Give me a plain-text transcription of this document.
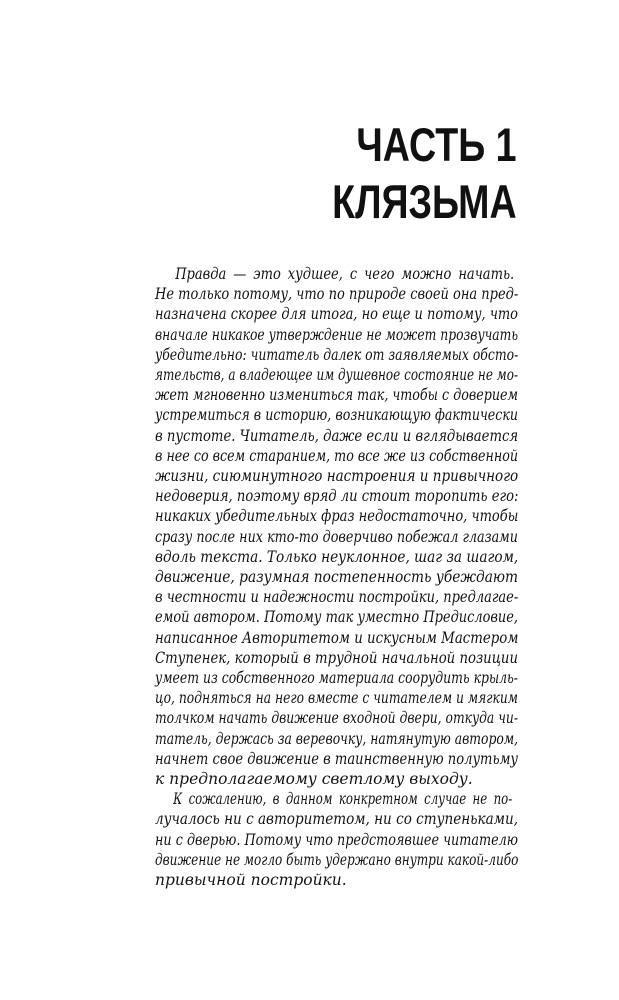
ЧАСТЬ 1
КЛЯЗЬМА
Правда — это худшее, с чего можно начать.
Не только потому, что по природе своей она пред-
назначена скорее для итога, но еще и потому, что
вначале никакое утверждение не может прозвучать
убедительно: читатель далек от заявляемых обсто-
ятельств, а владеющее им душевное состояние не мо-
жет мгновенно измениться так, чтобы с доверием
устремиться в историю, возникающую фактически
в пустоте. Читатель, даже если и вглядывается
в нее со всем старанием, то все же из собственной
жизни, сиюминутного настроения и привычного
недоверия, поэтому вряд ли стоит торопить его:
никаких убедительных фраз недостаточно, чтобы
сразу после них кто-то доверчиво побежал глазами
вдоль текста. Только неуклонное, шаг за шагом,
движение, разумная постепенность убеждают
в честности и надежности постройки, предлагае-
емой автором. Потому так уместно Предисловие,
написанное Авторитетом и искусным Мастером
Ступенек, который в трудной начальной позиции
умеет из собственного материала соорудить крыль-
цо, подняться на него вместе с читателем и мягким
толчком начать движение входной двери, откуда чи-
татель, держась за веревочку, натянутую автором,
начнет свое движение в таинственную полутьму
к предполагаемому светлому выходу.
К сожалению, в данном конкретном случае не по-
лучалось ни с авторитетом, ни со ступеньками,
ни с дверью. Потому что предстоявшее читателю
движение не могло быть удержано внутри какой-либо
привычной постройки.
